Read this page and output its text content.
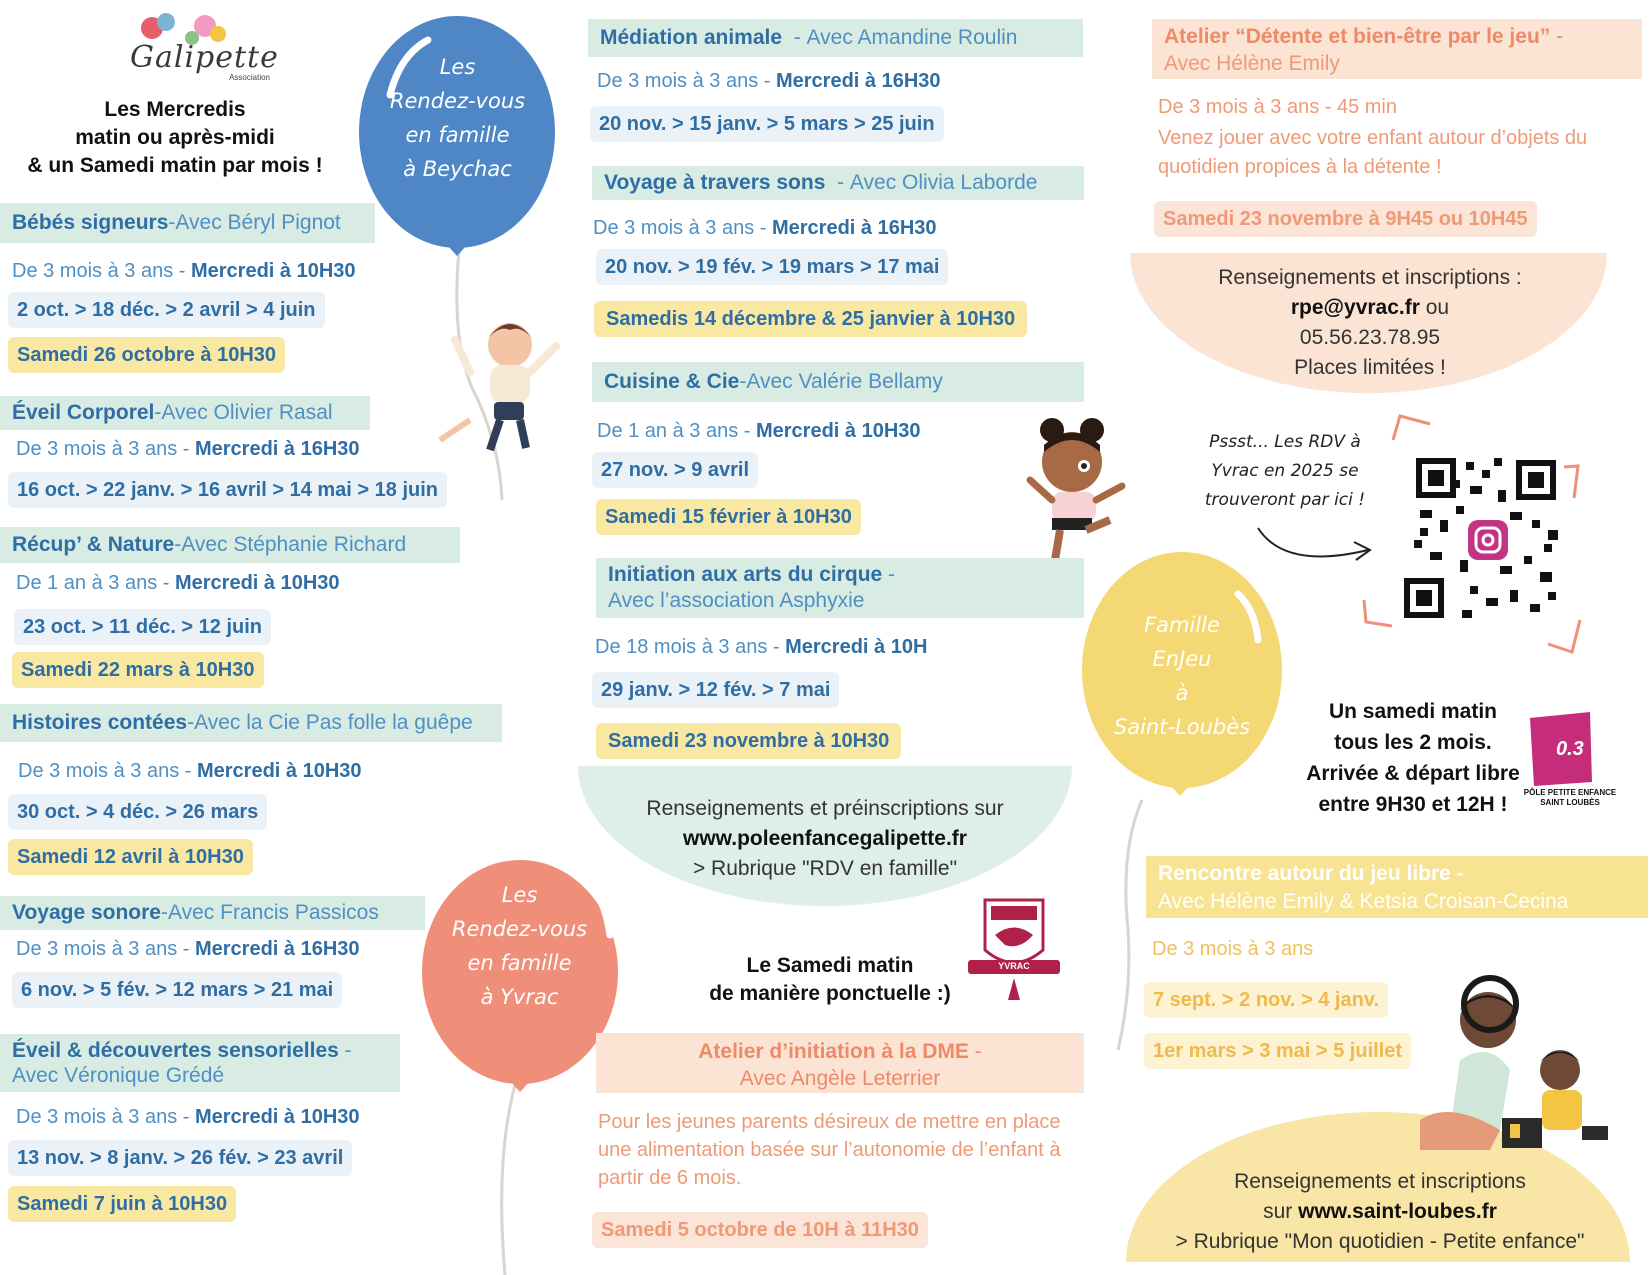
Galipette
Association
Les Mercredis
matin ou après-midi
& un Samedi matin par mois !
Bébés signeurs - Avec Béryl Pignot
De 3 mois à 3 ans - Mercredi à 10H30
2 oct. > 18 déc. > 2 avril > 4 juin
Samedi 26 octobre à 10H30
Éveil Corporel - Avec Olivier Rasal
De 3 mois à 3 ans - Mercredi à 16H30
16 oct. > 22 janv. > 16 avril > 14 mai > 18 juin
Récup’ & Nature - Avec Stéphanie Richard
De 1 an à 3 ans - Mercredi à 10H30
23 oct. > 11 déc. > 12 juin
Samedi 22 mars à 10H30
Histoires contées - Avec la Cie Pas folle la guêpe
De 3 mois à 3 ans - Mercredi à 10H30
30 oct. > 4 déc. > 26 mars
Samedi 12 avril à 10H30
Voyage sonore - Avec Francis Passicos
De 3 mois à 3 ans - Mercredi à 16H30
6 nov. > 5 fév. > 12 mars > 21 mai
Éveil & découvertes sensorielles -
Avec Véronique Grédé
De 3 mois à 3 ans - Mercredi à 10H30
13 nov. > 8 janv. > 26 fév. > 23 avril
Samedi 7 juin à 10H30
Les
Rendez-vous
en famille
à Beychac
Les
Rendez-vous
en famille
à Yvrac
Famille
EnJeu
à
Saint-Loubès
Médiation animale - Avec Amandine Roulin
De 3 mois à 3 ans - Mercredi à 16H30
20 nov. > 15 janv. > 5 mars > 25 juin
Voyage à travers sons - Avec Olivia Laborde
De 3 mois à 3 ans - Mercredi à 16H30
20 nov. > 19 fév. > 19 mars > 17 mai
Samedis 14 décembre & 25 janvier à 10H30
Cuisine & Cie - Avec Valérie Bellamy
De 1 an à 3 ans - Mercredi à 10H30
27 nov. > 9 avril
Samedi 15 février à 10H30
Initiation aux arts du cirque -
Avec l’association Asphyxie
De 18 mois à 3 ans - Mercredi à 10H
29 janv. > 12 fév. > 7 mai
Samedi 23 novembre à 10H30
Renseignements et préinscriptions sur
www.poleenfancegalipette.fr
> Rubrique "RDV en famille"
Le Samedi matin
de manière ponctuelle :)
YVRAC
Atelier d’initiation à la DME -
Avec Angèle Leterrier
Pour les jeunes parents désireux de mettre en place une alimentation basée sur l’autonomie de l’enfant à partir de 6 mois.
Samedi 5 octobre de 10H à 11H30
Atelier “Détente et bien-être par le jeu” -
Avec Hélène Emily
De 3 mois à 3 ans - 45 min
Venez jouer avec votre enfant autour d’objets du quotidien propices à la détente !
Samedi 23 novembre à 9H45 ou 10H45
Renseignements et inscriptions :
rpe@yvrac.fr ou
05.56.23.78.95
Places limitées !
Pssst... Les RDV à
Yvrac en 2025 se
trouveront par ici !
Un samedi matin
tous les 2 mois.
Arrivée & départ libre
entre 9H30 et 12H !
0.3
PÔLE PETITE ENFANCE
SAINT LOUBÈS
Rencontre autour du jeu libre -
Avec Hélène Emily & Ketsia Croisan-Cecina
De 3 mois à 3 ans
7 sept. > 2 nov. > 4 janv.
1er mars > 3 mai > 5 juillet
Renseignements et inscriptions
sur www.saint-loubes.fr
> Rubrique "Mon quotidien - Petite enfance"
